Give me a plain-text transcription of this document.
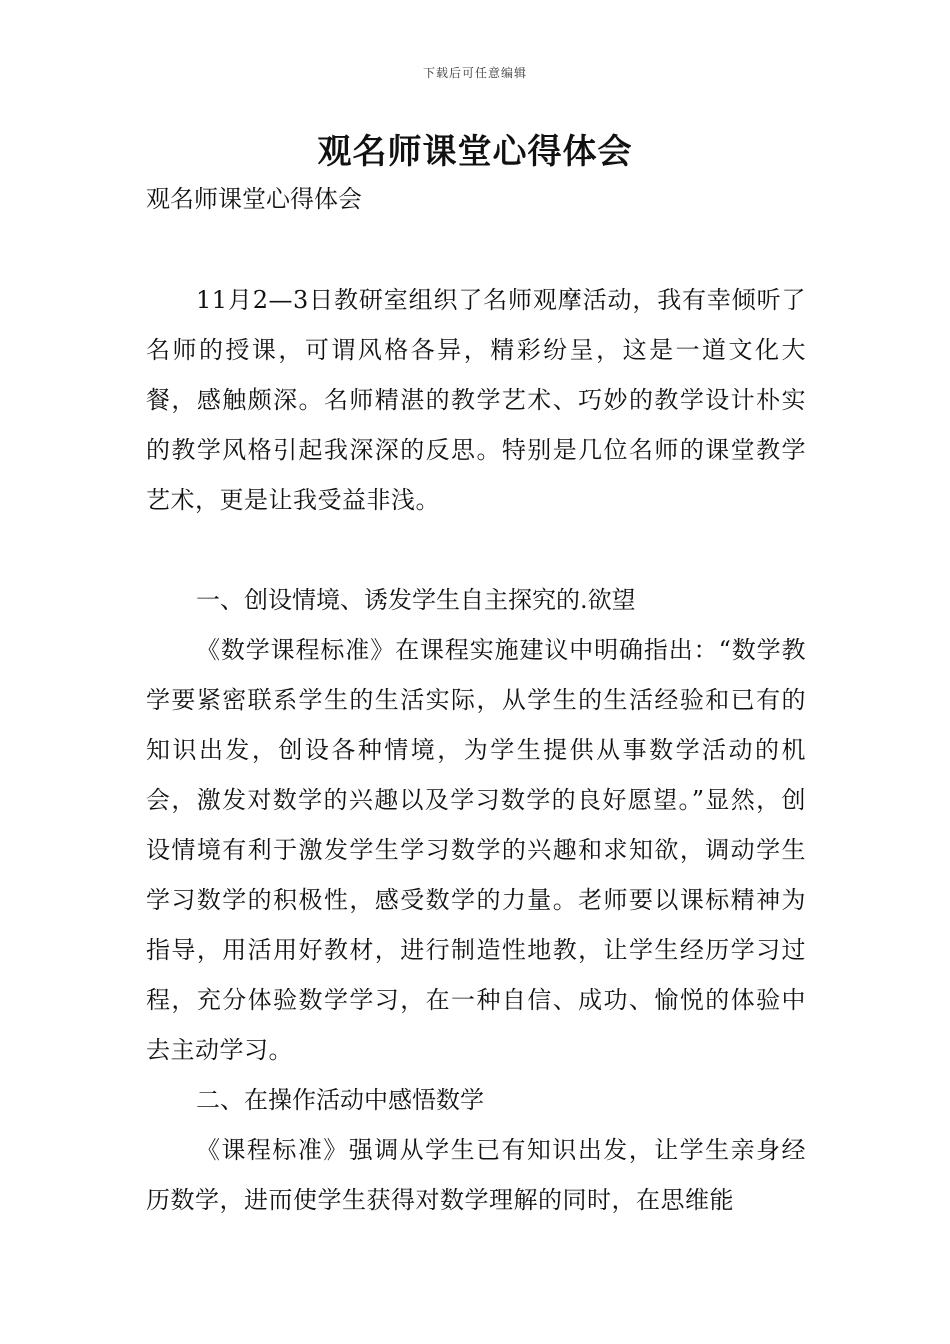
下载后可任意编辑
观名师课堂心得体会

观名师课堂心得体会

11月2—3日教研室组织了名师观摩活动，我有幸倾听了名师的授课，可谓风格各异，精彩纷呈，这是一道文化大餐，感触颇深。名师精湛的教学艺术、巧妙的教学设计朴实的教学风格引起我深深的反思。特别是几位名师的课堂教学艺术，更是让我受益非浅。

一、创设情境、诱发学生自主探究的.欲望

《数学课程标准》在课程实施建议中明确指出：“数学教学要紧密联系学生的生活实际，从学生的生活经验和已有的知识出发，创设各种情境，为学生提供从事数学活动的机会，激发对数学的兴趣以及学习数学的良好愿望。”显然，创设情境有利于激发学生学习数学的兴趣和求知欲，调动学生学习数学的积极性，感受数学的力量。老师要以课标精神为指导，用活用好教材，进行制造性地教，让学生经历学习过程，充分体验数学学习，在一种自信、成功、愉悦的体验中去主动学习。

二、在操作活动中感悟数学

《课程标准》强调从学生已有知识出发，让学生亲身经历数学，进而使学生获得对数学理解的同时，在思维能
